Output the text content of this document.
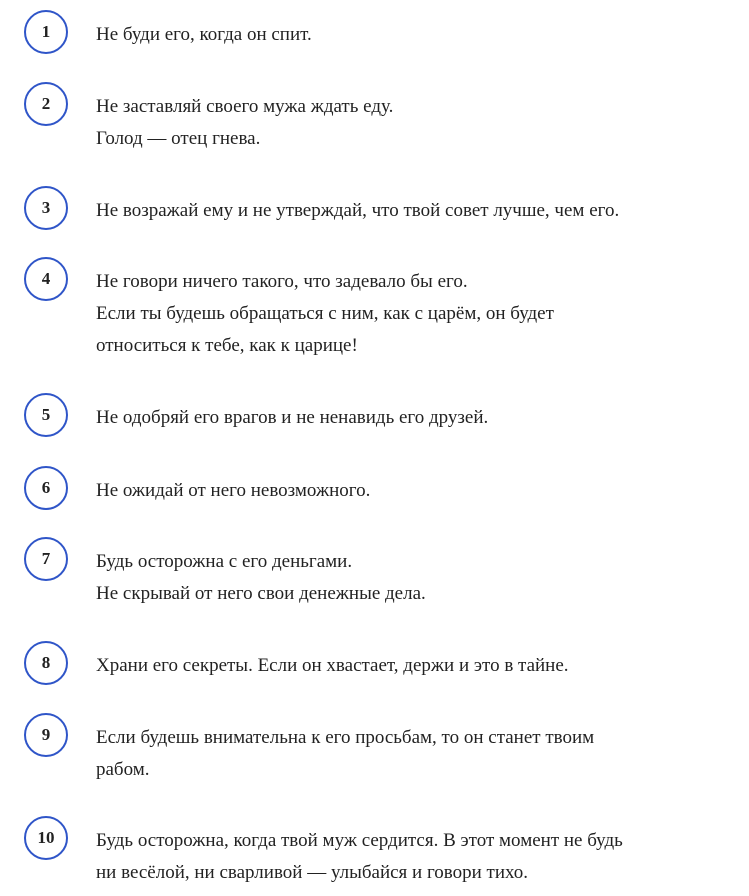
1	Не буди его, когда он спит.
2	Не заставляй своего мужа ждать еду.
Голод — отец гнева.
3	Не возражай ему и не утверждай, что твой совет лучше, чем его.
4	Не говори ничего такого, что задевало бы его.
Если ты будешь обращаться с ним, как с царём, он будет
относиться к тебе, как к царице!
5	Не одобряй его врагов и не ненавидь его друзей.
6	Не ожидай от него невозможного.
7	Будь осторожна с его деньгами.
Не скрывай от него свои денежные дела.
8	Храни его секреты. Если он хвастает, держи и это в тайне.
9	Если будешь внимательна к его просьбам, то он станет твоим
рабом.
10	Будь осторожна, когда твой муж сердится. В этот момент не будь
ни весёлой, ни сварливой — улыбайся и говори тихо.
